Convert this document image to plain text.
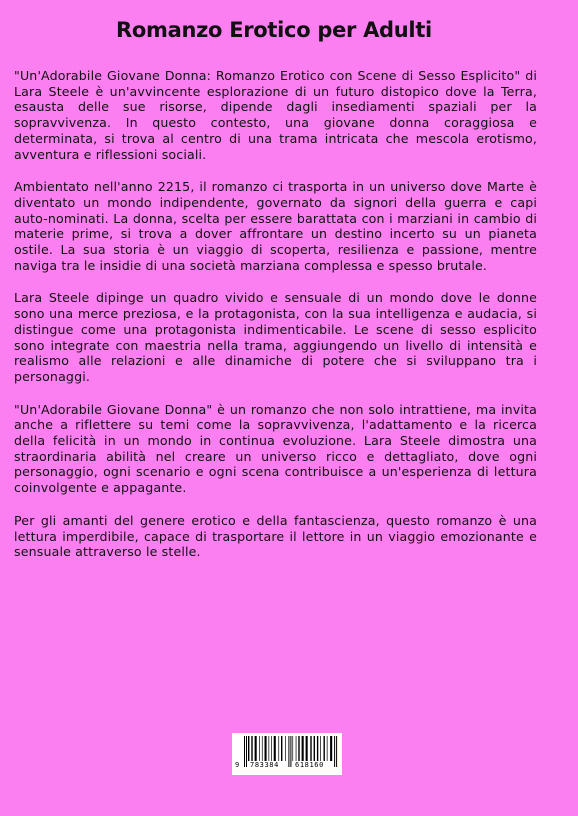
Romanzo Erotico per Adulti

"Un'Adorabile Giovane Donna: Romanzo Erotico con Scene di Sesso Esplicito" di Lara Steele è un'avvincente esplorazione di un futuro distopico dove la Terra, esausta delle sue risorse, dipende dagli insediamenti spaziali per la sopravvivenza. In questo contesto, una giovane donna coraggiosa e determinata, si trova al centro di una trama intricata che mescola erotismo, avventura e riflessioni sociali.

Ambientato nell'anno 2215, il romanzo ci trasporta in un universo dove Marte è diventato un mondo indipendente, governato da signori della guerra e capi auto-nominati. La donna, scelta per essere barattata con i marziani in cambio di materie prime, si trova a dover affrontare un destino incerto su un pianeta ostile. La sua storia è un viaggio di scoperta, resilienza e passione, mentre naviga tra le insidie di una società marziana complessa e spesso brutale.

Lara Steele dipinge un quadro vivido e sensuale di un mondo dove le donne sono una merce preziosa, e la protagonista, con la sua intelligenza e audacia, si distingue come una protagonista indimenticabile. Le scene di sesso esplicito sono integrate con maestria nella trama, aggiungendo un livello di intensità e realismo alle relazioni e alle dinamiche di potere che si sviluppano tra i personaggi.

"Un'Adorabile Giovane Donna" è un romanzo che non solo intrattiene, ma invita anche a riflettere su temi come la sopravvivenza, l'adattamento e la ricerca della felicità in un mondo in continua evoluzione. Lara Steele dimostra una straordinaria abilità nel creare un universo ricco e dettagliato, dove ogni personaggio, ogni scenario e ogni scena contribuisce a un'esperienza di lettura coinvolgente e appagante.

Per gli amanti del genere erotico e della fantascienza, questo romanzo è una lettura imperdibile, capace di trasportare il lettore in un viaggio emozionante e sensuale attraverso le stelle.

9 783384 618160
